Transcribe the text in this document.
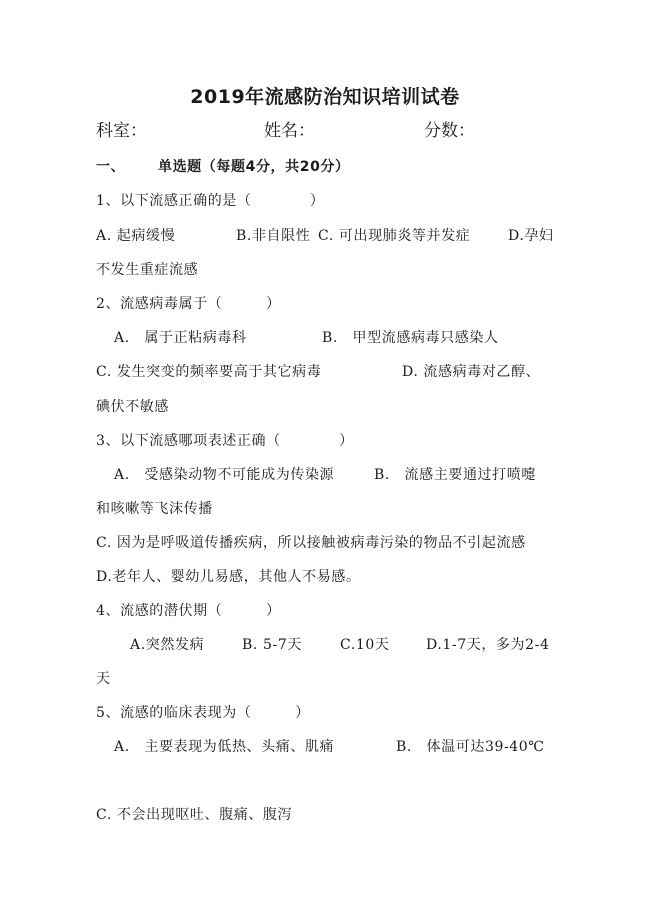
2019年流感防治知识培训试卷
科室：	姓名：	分数：
一、 单选题（每题4分，共20分）
1、以下流感正确的是（　　　　）
A. 起病缓慢	B.非自限性 C. 可出现肺炎等并发症	D.孕妇
不发生重症流感
2、流感病毒属于（　　　）
A.　属于正粘病毒科	B.　甲型流感病毒只感染人
C. 发生突变的频率要高于其它病毒	D. 流感病毒对乙醇、
碘伏不敏感
3、以下流感哪项表述正确（　　　　）
A.　受感染动物不可能成为传染源	B.　流感主要通过打喷嚏
和咳嗽等飞沫传播
C. 因为是呼吸道传播疾病，所以接触被病毒污染的物品不引起流感
D.老年人、婴幼儿易感，其他人不易感。
4、流感的潜伏期（　　　）
A.突然发病	B. 5-7天	C.10天	D.1-7天，多为2-4
天
5、流感的临床表现为（　　　）
A.　主要表现为低热、头痛、肌痛	B.　体温可达39-40℃
C. 不会出现呕吐、腹痛、腹泻
